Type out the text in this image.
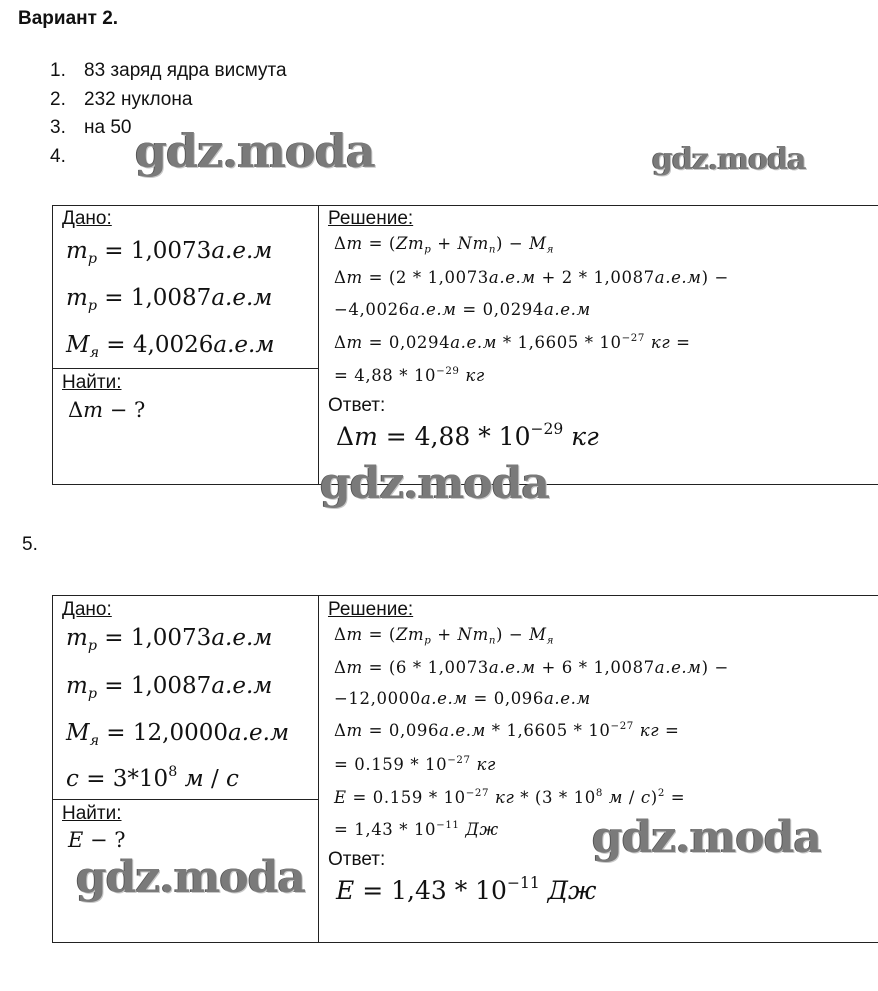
Вариант 2.
1. 83 заряд ядра висмута
2. 232 нуклона
3. на 50
4.	gdz.moda	gdz.moda
Дано:
$m_p = 1,0073а.е.м$
$m_p = 1,0087а.е.м$
$M_я = 4,0026а.е.м$
Найти:
Δm − ?
Решение:
$\Delta m = (Zm_p + Nm_n) - M_я$
Δm = (2 * 1,0073а.е.м + 2 * 1,0087а.е.м) −
−4,0026а.е.м = 0,0294а.е.м
$\Delta m = 0,0294а.е.м * 1,6605 * 10^{-27}$ кг =
= $4,88 * 10^{-29}$ кг
Ответ:
$\Delta m = 4,88 * 10^{-29}$ кг
gdz.moda
5.
Дано:
$m_p = 1,0073а.е.м$
$m_p = 1,0087а.е.м$
$M_я = 12,0000а.е.м$
$c = 3*10^8$ м / с
Найти:
E − ?
Решение:
$\Delta m = (Zm_p + Nm_n) - M_я$
Δm = (6 * 1,0073а.е.м + 6 * 1,0087а.е.м) −
−12,0000а.е.м = 0,096а.е.м
$\Delta m = 0,096а.е.м * 1,6605 * 10^{-27}$ кг =
= $0.159 * 10^{-27}$ кг
$E = 0.159 * 10^{-27}$ кг * ($3 * 10^8$ м / с)$^2$ =
= $1,43 * 10^{-11}$ Дж
Ответ:
$E = 1,43 * 10^{-11}$ Дж
gdz.moda
gdz.moda
